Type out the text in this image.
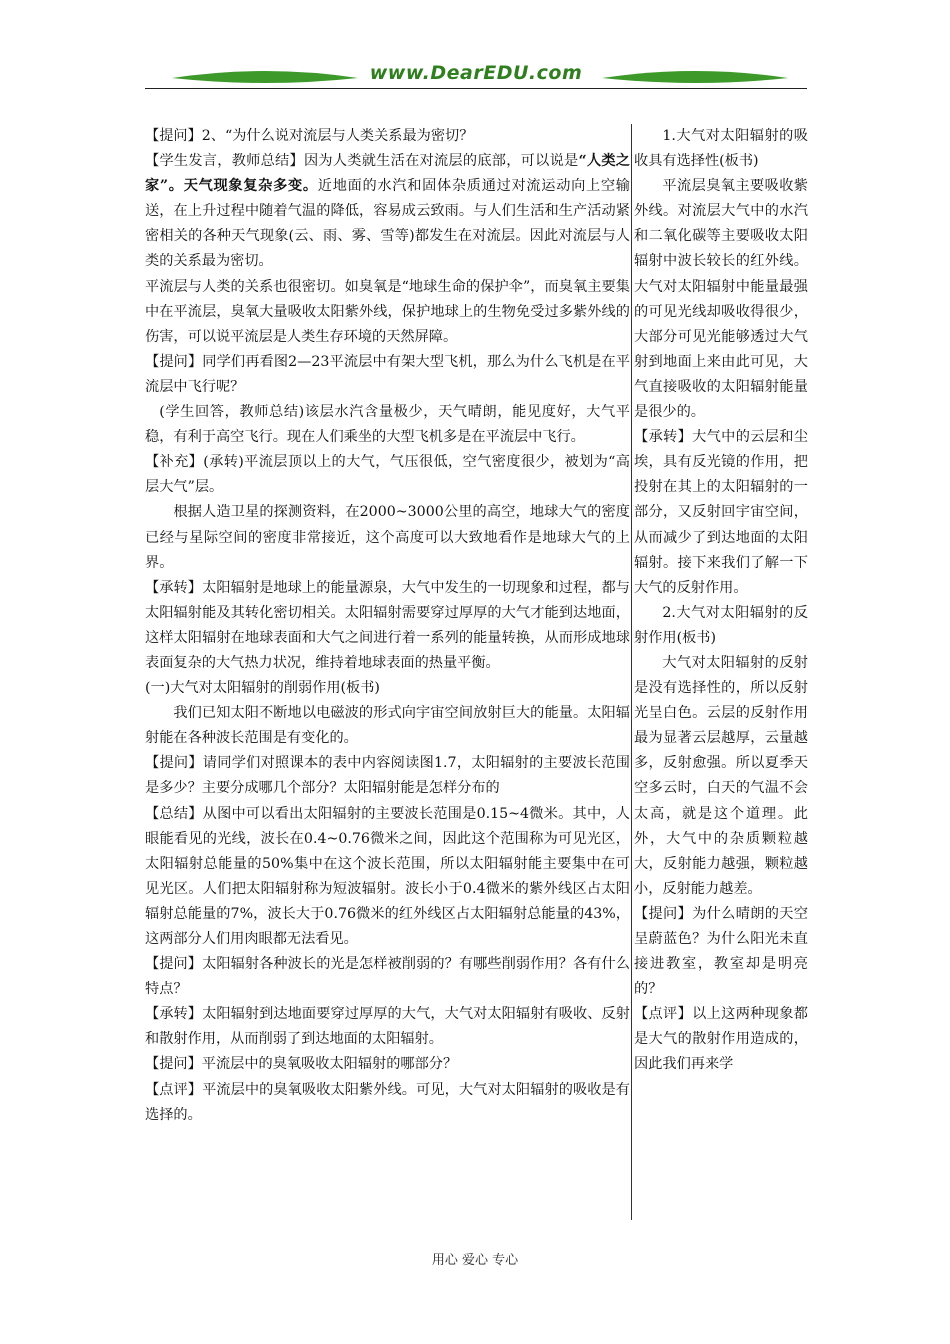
www.DearEDU.com

【提问】2、“为什么说对流层与人类关系最为密切？

【学生发言，教师总结】因为人类就生活在对流层的底部，可以说是“人类之家”。天气现象复杂多变。近地面的水汽和固体杂质通过对流运动向上空输送，在上升过程中随着气温的降低，容易成云致雨。与人们生活和生产活动紧密相关的各种天气现象(云、雨、雾、雪等)都发生在对流层。因此对流层与人类的关系最为密切。

平流层与人类的关系也很密切。如臭氧是“地球生命的保护伞”，而臭氧主要集中在平流层，臭氧大量吸收太阳紫外线，保护地球上的生物免受过多紫外线的伤害，可以说平流层是人类生存环境的天然屏障。

【提问】同学们再看图2—23平流层中有架大型飞机，那么为什么飞机是在平流层中飞行呢？

(学生回答，教师总结)该层水汽含量极少，天气晴朗，能见度好，大气平稳，有利于高空飞行。现在人们乘坐的大型飞机多是在平流层中飞行。

【补充】(承转)平流层顶以上的大气，气压很低，空气密度很少，被划为“高层大气”层。

根据人造卫星的探测资料，在2000~3000公里的高空，地球大气的密度已经与星际空间的密度非常接近，这个高度可以大致地看作是地球大气的上界。

【承转】太阳辐射是地球上的能量源泉，大气中发生的一切现象和过程，都与太阳辐射能及其转化密切相关。太阳辐射需要穿过厚厚的大气才能到达地面，这样太阳辐射在地球表面和大气之间进行着一系列的能量转换，从而形成地球表面复杂的大气热力状况，维持着地球表面的热量平衡。

(一)大气对太阳辐射的削弱作用(板书)

我们已知太阳不断地以电磁波的形式向宇宙空间放射巨大的能量。太阳辐射能在各种波长范围是有变化的。

【提问】请同学们对照课本的表中内容阅读图1.7，太阳辐射的主要波长范围是多少？主要分成哪几个部分？太阳辐射能是怎样分布的

【总结】从图中可以看出太阳辐射的主要波长范围是0.15~4微米。其中，人眼能看见的光线，波长在0.4~0.76微米之间，因此这个范围称为可见光区，太阳辐射总能量的50%集中在这个波长范围，所以太阳辐射能主要集中在可见光区。人们把太阳辐射称为短波辐射。波长小于0.4微米的紫外线区占太阳辐射总能量的7%，波长大于0.76微米的红外线区占太阳辐射总能量的43%，这两部分人们用肉眼都无法看见。

【提问】太阳辐射各种波长的光是怎样被削弱的？有哪些削弱作用？各有什么特点？

【承转】太阳辐射到达地面要穿过厚厚的大气，大气对太阳辐射有吸收、反射和散射作用，从而削弱了到达地面的太阳辐射。

【提问】平流层中的臭氧吸收太阳辐射的哪部分？

【点评】平流层中的臭氧吸收太阳紫外线。可见，大气对太阳辐射的吸收是有选择的。

1.大气对太阳辐射的吸收具有选择性(板书)

平流层臭氧主要吸收紫外线。对流层大气中的水汽和二氧化碳等主要吸收太阳辐射中波长较长的红外线。大气对太阳辐射中能量最强的可见光线却吸收得很少，大部分可见光能够透过大气射到地面上来由此可见，大气直接吸收的太阳辐射能量是很少的。

【承转】大气中的云层和尘埃，具有反光镜的作用，把投射在其上的太阳辐射的一部分，又反射回宇宙空间，从而减少了到达地面的太阳辐射。接下来我们了解一下大气的反射作用。

2.大气对太阳辐射的反射作用(板书)

大气对太阳辐射的反射是没有选择性的，所以反射光呈白色。云层的反射作用最为显著云层越厚，云量越多，反射愈强。所以夏季天空多云时，白天的气温不会太高，就是这个道理。此外，大气中的杂质颗粒越大，反射能力越强，颗粒越小，反射能力越差。

【提问】为什么晴朗的天空呈蔚蓝色？为什么阳光未直接进教室，教室却是明亮的？

【点评】以上这两种现象都是大气的散射作用造成的，因此我们再来学

用心 爱心 专心
